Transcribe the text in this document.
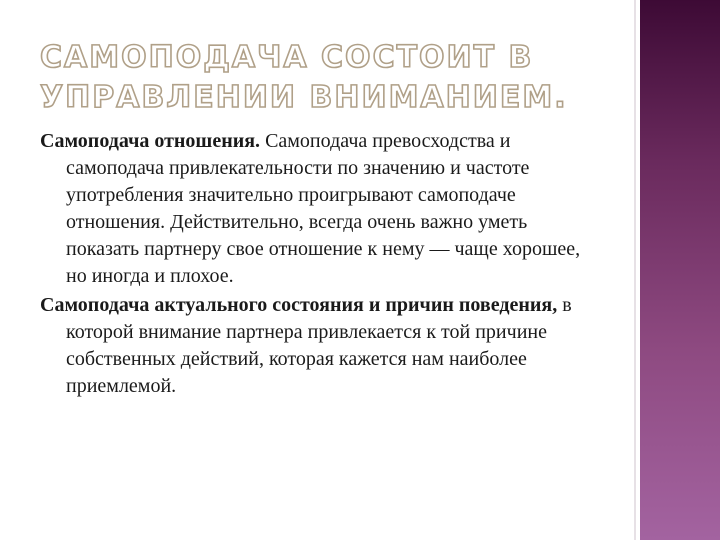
САМОПОДАЧА СОСТОИТ В УПРАВЛЕНИИ ВНИМАНИЕМ.

Самоподача отношения. Самоподача превосходства и самоподача привлекательности по значению и частоте употребления значительно проигрывают самоподаче отношения. Действительно, всегда очень важно уметь показать партнеру свое отношение к нему — чаще хорошее, но иногда и плохое.

Самоподача актуального состояния и причин поведения, в которой внимание партнера привлекается к той причине собственных действий, которая кажется нам наиболее приемлемой.
